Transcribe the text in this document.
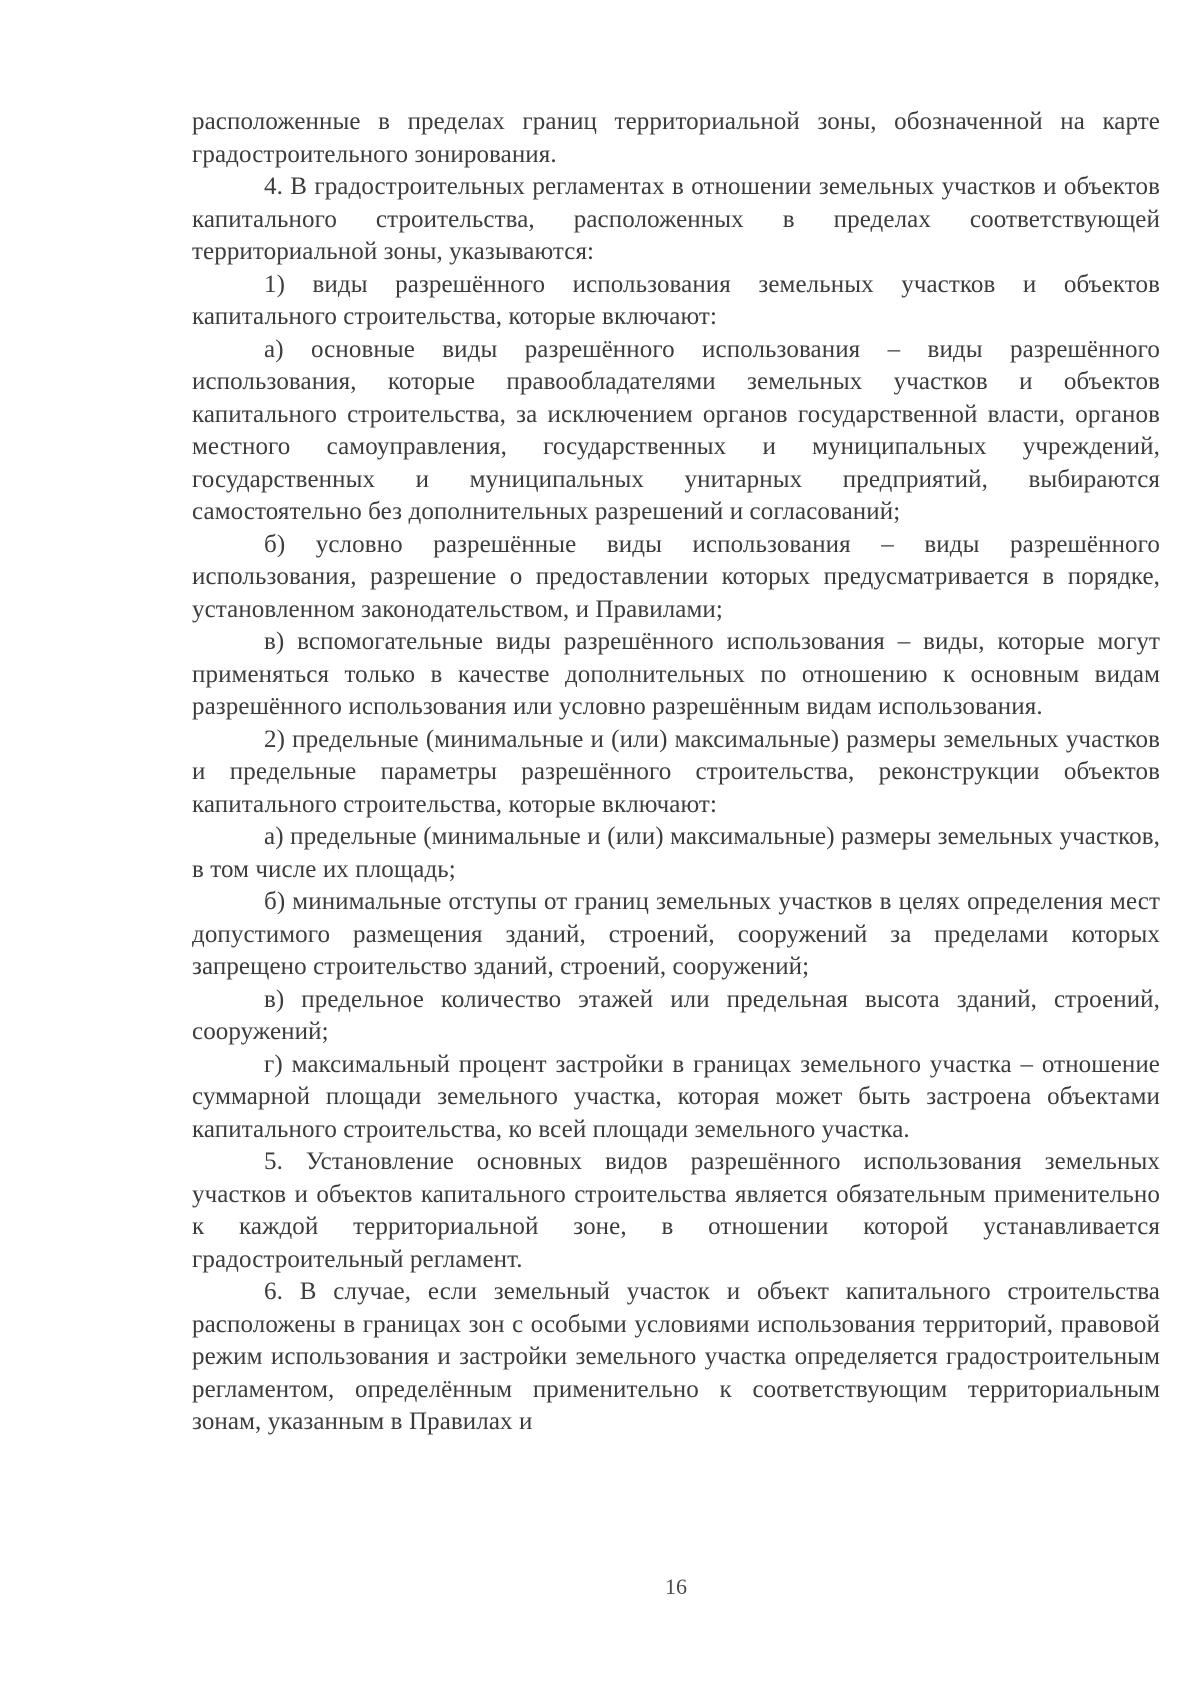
расположенные в пределах границ территориальной зоны, обозначенной на карте градостроительного зонирования.

4. В градостроительных регламентах в отношении земельных участков и объектов капитального строительства, расположенных в пределах соответствующей территориальной зоны, указываются:

1) виды разрешённого использования земельных участков и объектов капитального строительства, которые включают:

а) основные виды разрешённого использования – виды разрешённого использования, которые правообладателями земельных участков и объектов капитального строительства, за исключением органов государственной власти, органов местного самоуправления, государственных и муниципальных учреждений, государственных и муниципальных унитарных предприятий, выбираются самостоятельно без дополнительных разрешений и согласований;

б) условно разрешённые виды использования – виды разрешённого использования, разрешение о предоставлении которых предусматривается в порядке, установленном законодательством, и Правилами;

в) вспомогательные виды разрешённого использования – виды, которые могут применяться только в качестве дополнительных по отношению к основным видам разрешённого использования или условно разрешённым видам использования.

2) предельные (минимальные и (или) максимальные) размеры земельных участков и предельные параметры разрешённого строительства, реконструкции объектов капитального строительства, которые включают:

а) предельные (минимальные и (или) максимальные) размеры земельных участков, в том числе их площадь;

б) минимальные отступы от границ земельных участков в целях определения мест допустимого размещения зданий, строений, сооружений за пределами которых запрещено строительство зданий, строений, сооружений;

в) предельное количество этажей или предельная высота зданий, строений, сооружений;

г) максимальный процент застройки в границах земельного участка – отношение суммарной площади земельного участка, которая может быть застроена объектами капитального строительства, ко всей площади земельного участка.

5. Установление основных видов разрешённого использования земельных участков и объектов капитального строительства является обязательным применительно к каждой территориальной зоне, в отношении которой устанавливается градостроительный регламент.

6. В случае, если земельный участок и объект капитального строительства расположены в границах зон с особыми условиями использования территорий, правовой режим использования и застройки земельного участка определяется градостроительным регламентом, определённым применительно к соответствующим территориальным зонам, указанным в Правилах и

16
